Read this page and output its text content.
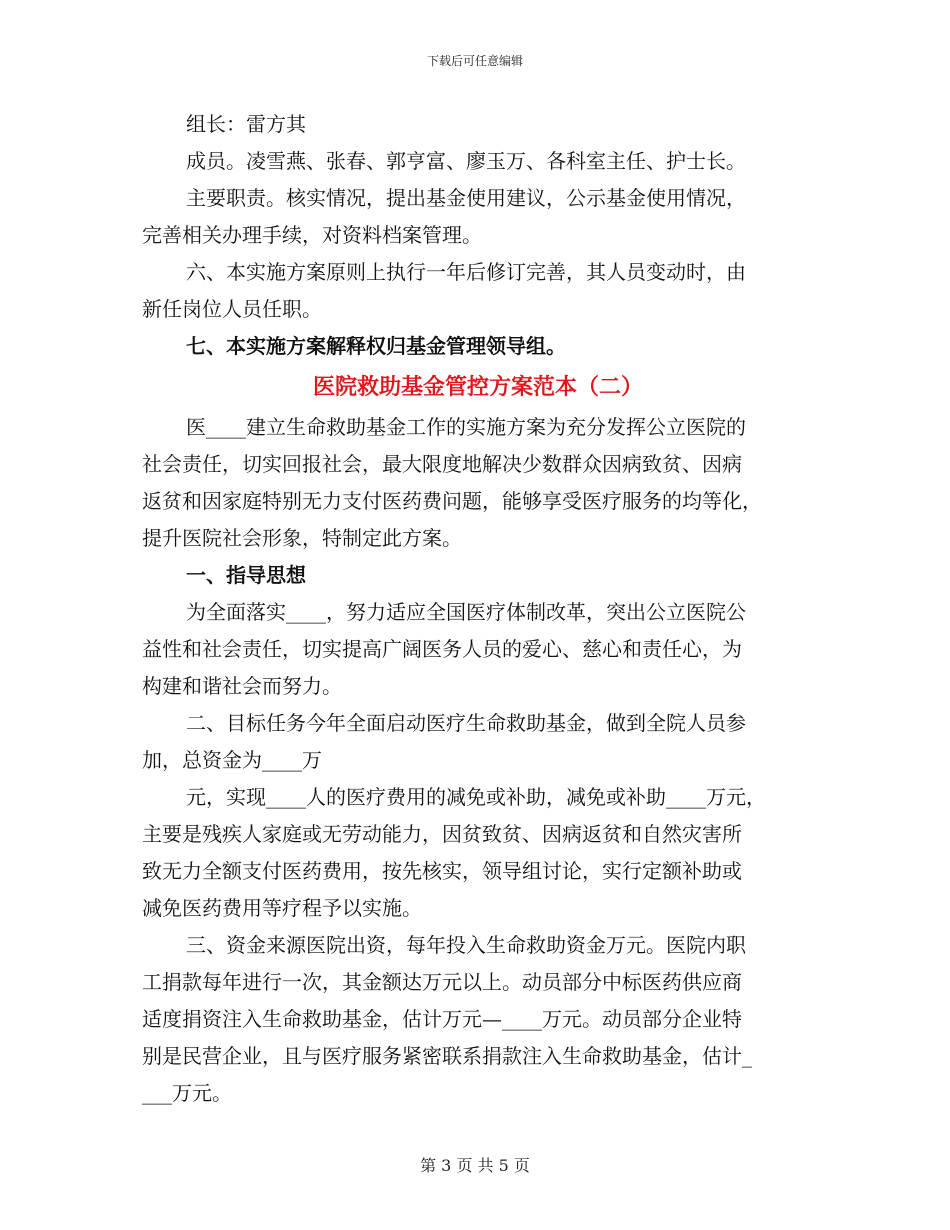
下载后可任意编辑
组长：雷方其
成员。凌雪燕、张春、郭亨富、廖玉万、各科室主任、护士长。
主要职责。核实情况，提出基金使用建议，公示基金使用情况，
完善相关办理手续，对资料档案管理。
六、本实施方案原则上执行一年后修订完善，其人员变动时，由
新任岗位人员任职。
七、本实施方案解释权归基金管理领导组。
医院救助基金管控方案范本（二）
医____建立生命救助基金工作的实施方案为充分发挥公立医院的
社会责任，切实回报社会，最大限度地解决少数群众因病致贫、因病
返贫和因家庭特别无力支付医药费问题，能够享受医疗服务的均等化，
提升医院社会形象，特制定此方案。
一、指导思想
为全面落实____，努力适应全国医疗体制改革，突出公立医院公
益性和社会责任，切实提高广阔医务人员的爱心、慈心和责任心，为
构建和谐社会而努力。
二、目标任务今年全面启动医疗生命救助基金，做到全院人员参
加，总资金为____万
元，实现____人的医疗费用的减免或补助，减免或补助____万元，
主要是残疾人家庭或无劳动能力，因贫致贫、因病返贫和自然灾害所
致无力全额支付医药费用，按先核实，领导组讨论，实行定额补助或
减免医药费用等疗程予以实施。
三、资金来源医院出资，每年投入生命救助资金万元。医院内职
工捐款每年进行一次，其金额达万元以上。动员部分中标医药供应商
适度捐资注入生命救助基金，估计万元—____万元。动员部分企业特
别是民营企业，且与医疗服务紧密联系捐款注入生命救助基金，估计_
___万元。
第 3 页 共 5 页
